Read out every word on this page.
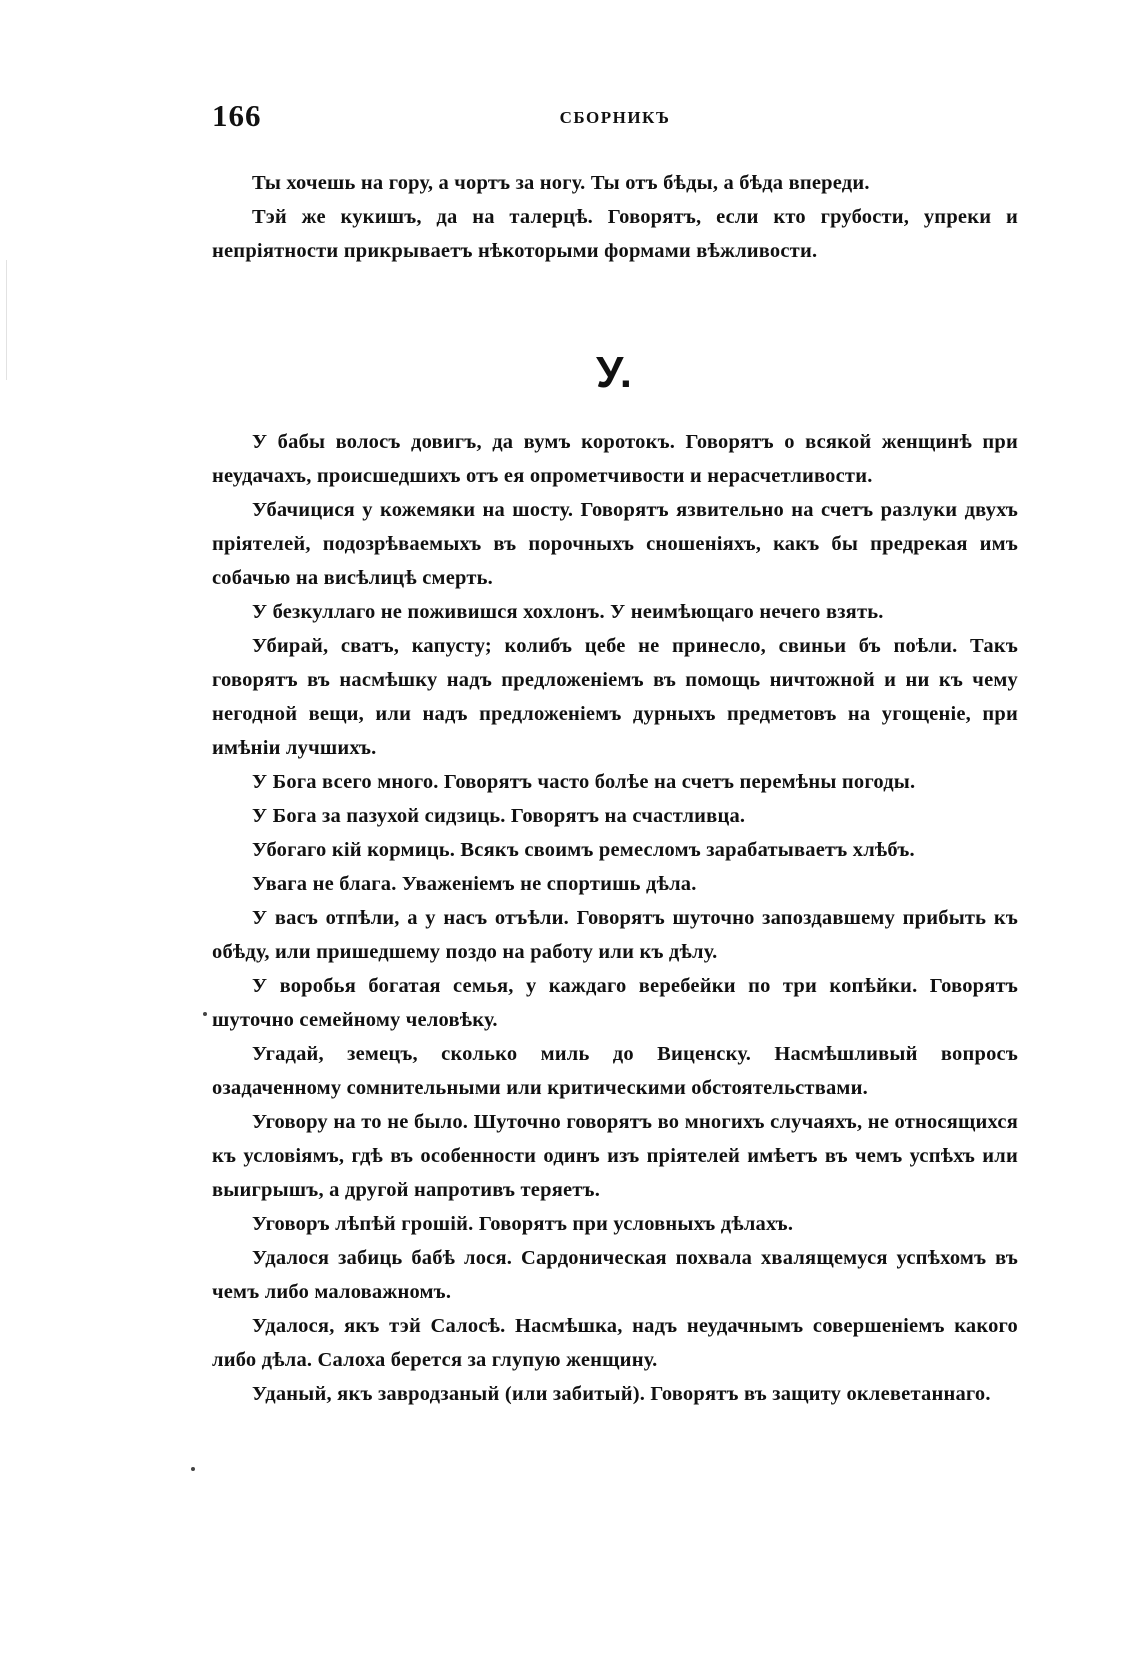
166	СБОРНИКЪ

Ты хочешь на гору, а чортъ за ногу. Ты отъ бѣды, а бѣда впереди.

Тэй же кукишъ, да на талерцѣ. Говорятъ, если кто грубости, упреки и непріятности прикрываетъ нѣкоторыми формами вѣжливости.

У.

У бабы волосъ довигъ, да вумъ коротокъ. Говорятъ о всякой женщинѣ при неудачахъ, происшедшихъ отъ ея опрометчивости и нерасчетливости.

Убачицися у кожемяки на шосту. Говорятъ язвительно на счетъ разлуки двухъ пріятелей, подозрѣваемыхъ въ порочныхъ сношеніяхъ, какъ бы предрекая имъ собачью на висѣлицѣ смерть.

У безкуллаго не поживишся хохлонъ. У неимѣющаго нечего взять.

Убирай, сватъ, капусту; колибъ цебе не принесло, свиньи бъ поѣли. Такъ говорятъ въ насмѣшку надъ предложеніемъ въ помощь ничтожной и ни къ чему негодной вещи, или надъ предложеніемъ дурныхъ предметовъ на угощеніе, при имѣніи лучшихъ.

У Бога всего много. Говорятъ часто болѣе на счетъ перемѣны погоды.

У Бога за пазухой сидзиць. Говорятъ на счастливца.

Убогаго кій кормиць. Всякъ своимъ ремесломъ зарабатываетъ хлѣбъ.

Увага не блага. Уваженіемъ не спортишь дѣла.

У васъ отпѣли, а у насъ отъѣли. Говорятъ шуточно запоздавшему прибыть къ обѣду, или пришедшему поздо на работу или къ дѣлу.

У воробья богатая семья, у каждаго веребейки по три копѣйки. Говорятъ шуточно семейному человѣку.

Угадай, земецъ, сколько миль до Виценску. Насмѣшливый вопросъ озадаченному сомнительными или критическими обстоятельствами.

Уговору на то не было. Шуточно говорятъ во многихъ случаяхъ, не относящихся къ условіямъ, гдѣ въ особенности одинъ изъ пріятелей имѣетъ въ чемъ успѣхъ или выигрышъ, а другой напротивъ теряетъ.

Уговоръ лѣпѣй грошій. Говорятъ при условныхъ дѣлахъ.

Удалося забиць бабѣ лося. Сардоническая похвала хвалящемуся успѣхомъ въ чемъ либо маловажномъ.

Удалося, якъ тэй Салосѣ. Насмѣшка, надъ неудачнымъ совершеніемъ какого либо дѣла. Салоха берется за глупую женщину.

Уданый, якъ завродзаный (или забитый). Говорятъ въ защиту оклеветаннаго.
